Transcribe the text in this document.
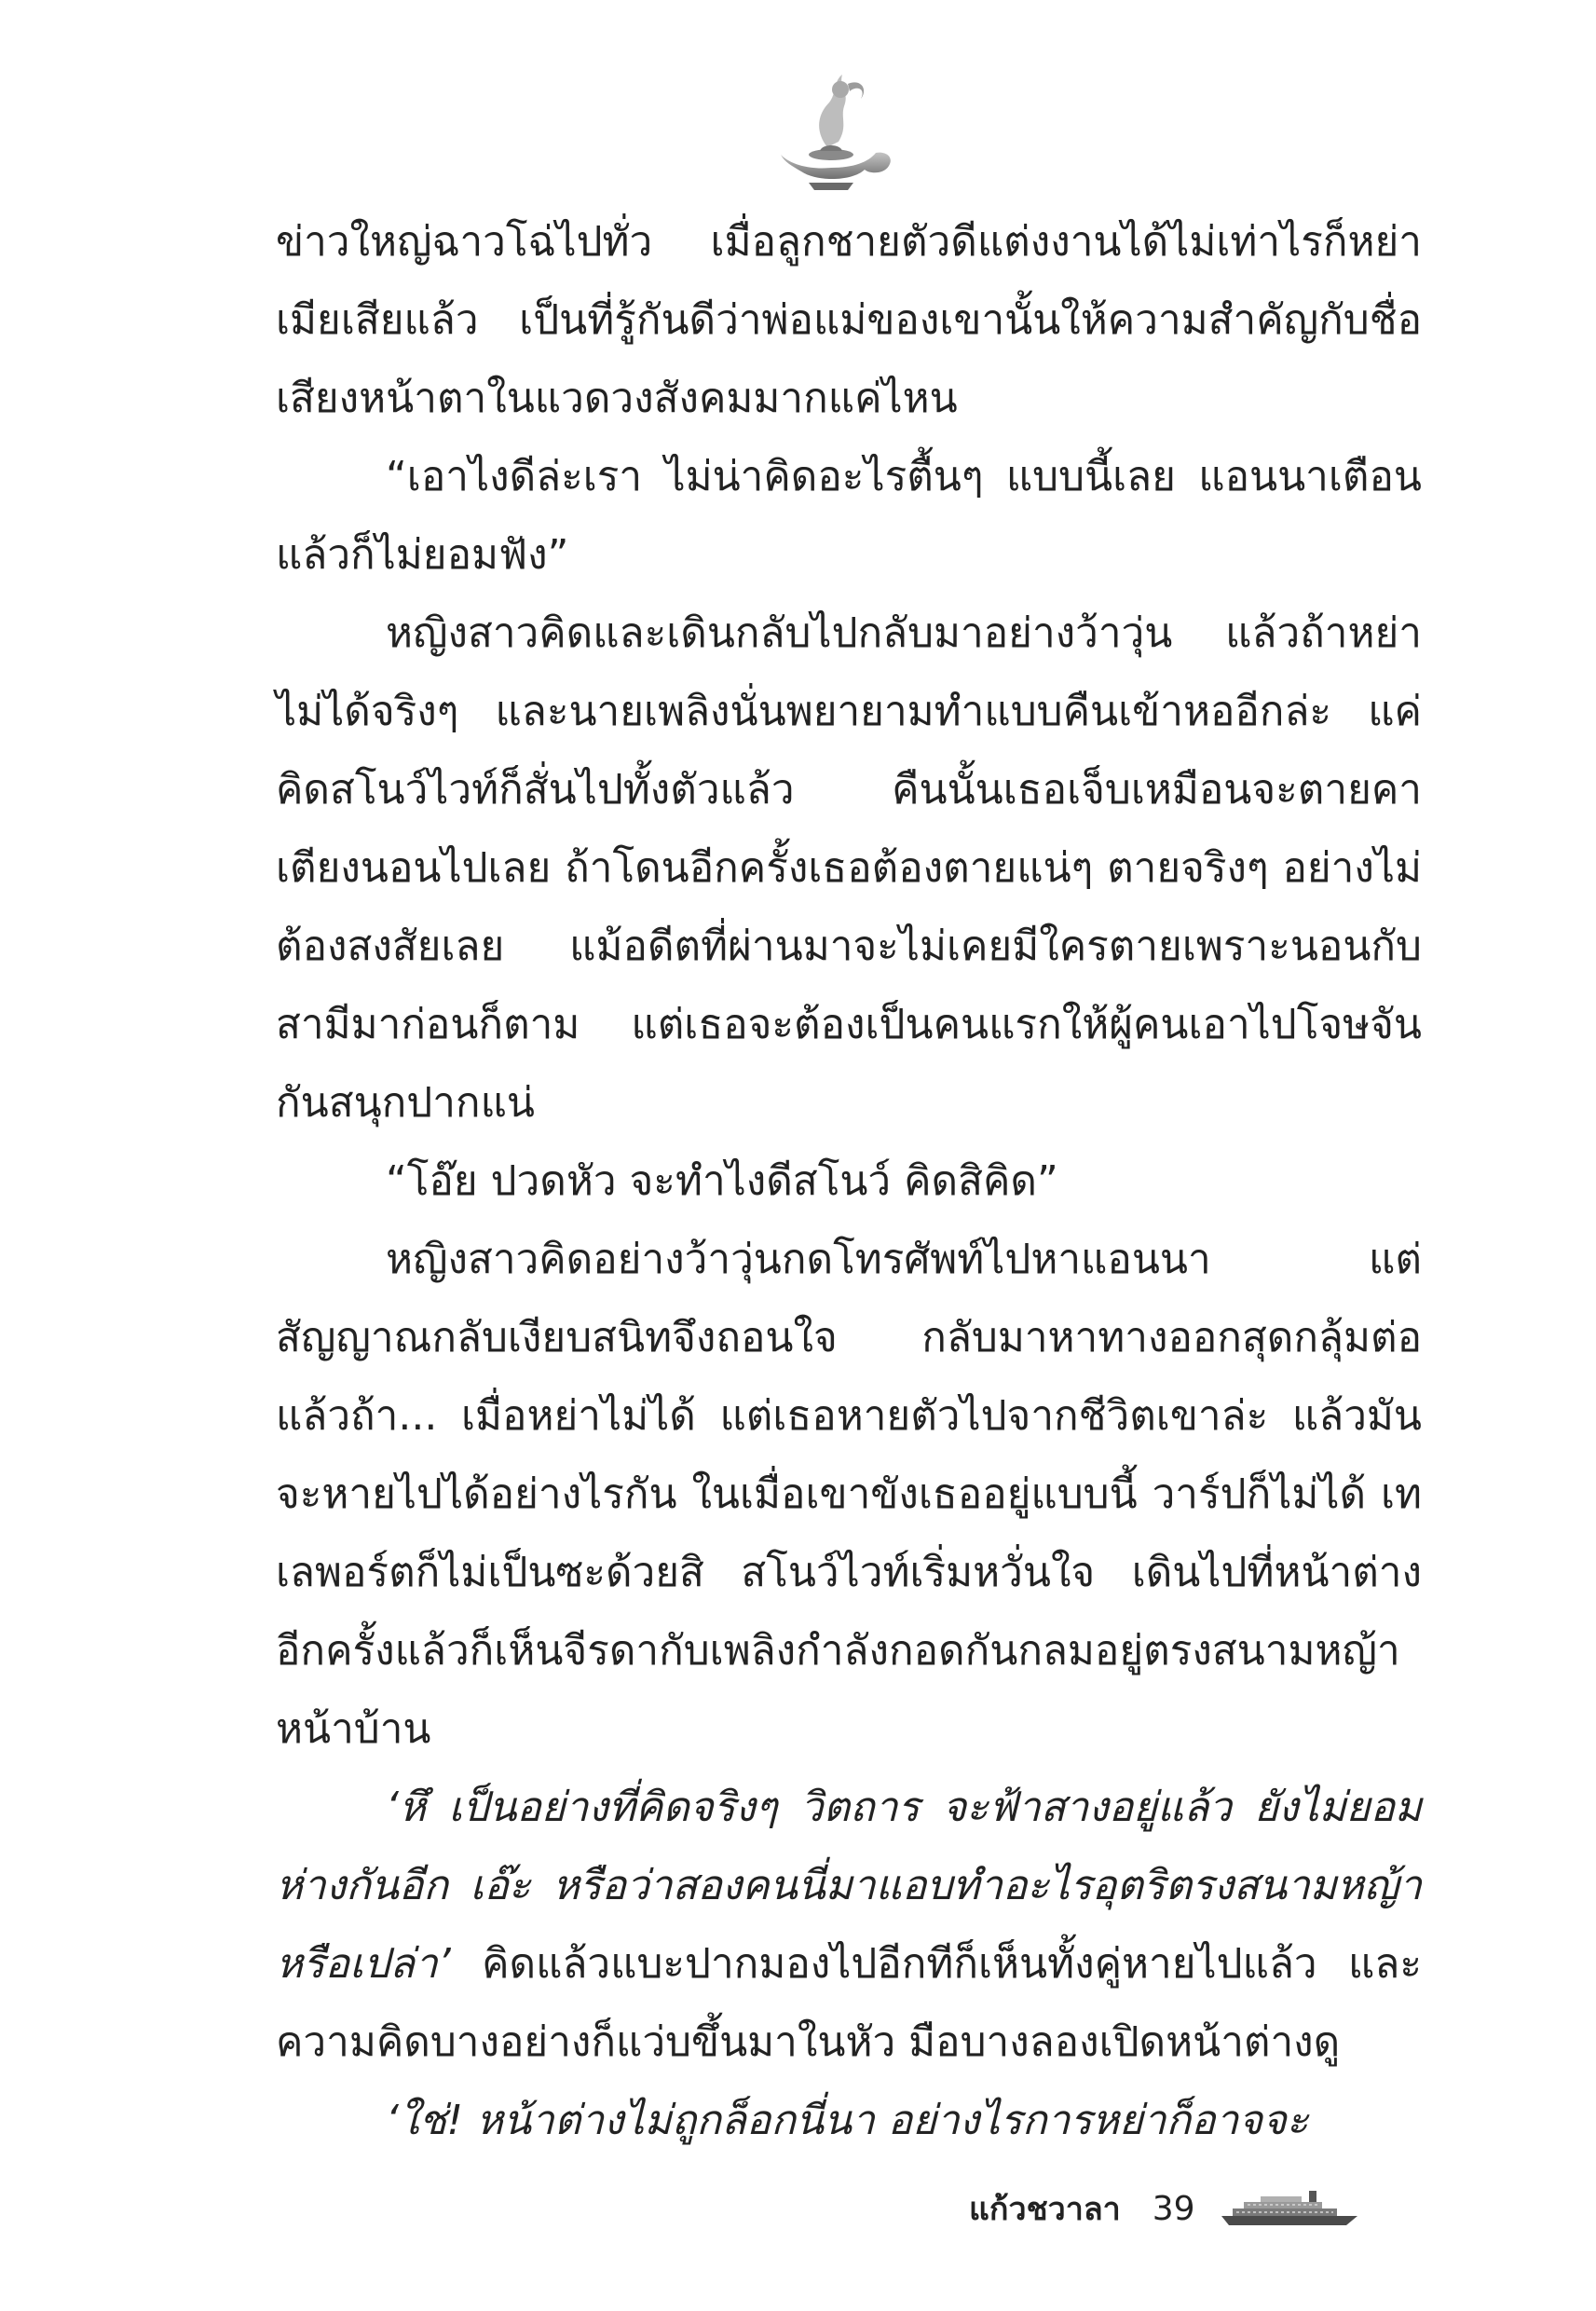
ข่าวใหญ่ฉาวโฉ่ไปทั่ว เมื่อลูกชายตัวดีแต่งงานได้ไม่เท่าไรก็หย่าเมียเสียแล้ว เป็นที่รู้กันดีว่าพ่อแม่ของเขานั้นให้ความสำคัญกับชื่อเสียงหน้าตาในแวดวงสังคมมากแค่ไหน

“เอาไงดีล่ะเรา ไม่น่าคิดอะไรตื้นๆ แบบนี้เลย แอนนาเตือนแล้วก็ไม่ยอมฟัง”

หญิงสาวคิดและเดินกลับไปกลับมาอย่างว้าวุ่น แล้วถ้าหย่าไม่ได้จริงๆ และนายเพลิงนั่นพยายามทำแบบคืนเข้าหออีกล่ะ แค่คิดสโนว์ไวท์ก็สั่นไปทั้งตัวแล้ว คืนนั้นเธอเจ็บเหมือนจะตายคาเตียงนอนไปเลย ถ้าโดนอีกครั้งเธอต้องตายแน่ๆ ตายจริงๆ อย่างไม่ต้องสงสัยเลย แม้อดีตที่ผ่านมาจะไม่เคยมีใครตายเพราะนอนกับสามีมาก่อนก็ตาม แต่เธอจะต้องเป็นคนแรกให้ผู้คนเอาไปโจษจันกันสนุกปากแน่

“โอ๊ย ปวดหัว จะทำไงดีสโนว์ คิดสิคิด”

หญิงสาวคิดอย่างว้าวุ่นกดโทรศัพท์ไปหาแอนนา แต่สัญญาณกลับเงียบสนิทจึงถอนใจ กลับมาหาทางออกสุดกลุ้มต่อ แล้วถ้า... เมื่อหย่าไม่ได้ แต่เธอหายตัวไปจากชีวิตเขาล่ะ แล้วมันจะหายไปได้อย่างไรกัน ในเมื่อเขาขังเธออยู่แบบนี้ วาร์ปก็ไม่ได้ เทเลพอร์ตก็ไม่เป็นซะด้วยสิ สโนว์ไวท์เริ่มหวั่นใจ เดินไปที่หน้าต่างอีกครั้งแล้วก็เห็นจีรดากับเพลิงกำลังกอดกันกลมอยู่ตรงสนามหญ้าหน้าบ้าน

‘หึ เป็นอย่างที่คิดจริงๆ วิตถาร จะฟ้าสางอยู่แล้ว ยังไม่ยอมห่างกันอีก เอ๊ะ หรือว่าสองคนนี่มาแอบทำอะไรอุตริตรงสนามหญ้าหรือเปล่า’ คิดแล้วแบะปากมองไปอีกทีก็เห็นทั้งคู่หายไปแล้ว และความคิดบางอย่างก็แว่บขึ้นมาในหัว มือบางลองเปิดหน้าต่างดู

‘ใช่! หน้าต่างไม่ถูกล็อกนี่นา อย่างไรการหย่าก็อาจจะ

แก้วชวาลา 39
